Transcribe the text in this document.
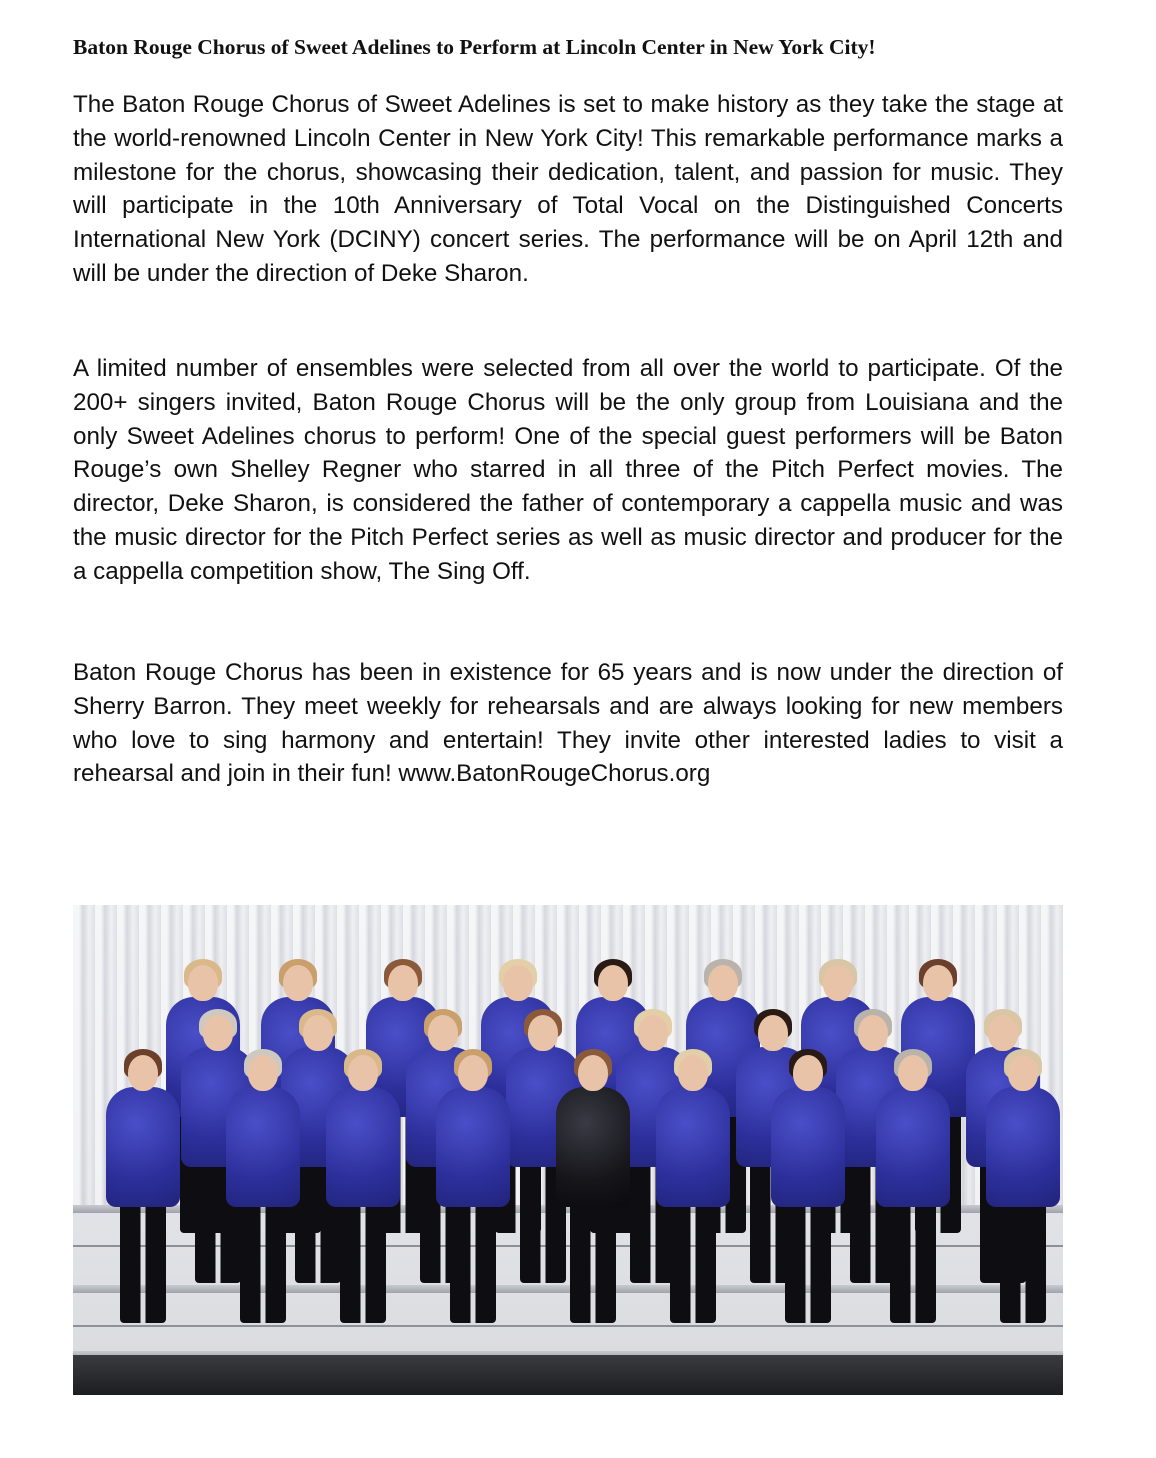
Baton Rouge Chorus of Sweet Adelines to Perform at Lincoln Center in New York City!

The Baton Rouge Chorus of Sweet Adelines is set to make history as they take the stage at the world-renowned Lincoln Center in New York City! This remarkable performance marks a milestone for the chorus, showcasing their dedication, talent, and passion for music. They will participate in the 10th Anniversary of Total Vocal on the Distinguished Concerts International New York (DCINY) concert series. The performance will be on April 12th and will be under the direction of Deke Sharon.

A limited number of ensembles were selected from all over the world to participate. Of the 200+ singers invited, Baton Rouge Chorus will be the only group from Louisiana and the only Sweet Adelines chorus to perform! One of the special guest performers will be Baton Rouge’s own Shelley Regner who starred in all three of the Pitch Perfect movies. The director, Deke Sharon, is considered the father of contemporary a cappella music and was the music director for the Pitch Perfect series as well as music director and producer for the a cappella competition show, The Sing Off.

Baton Rouge Chorus has been in existence for 65 years and is now under the direction of Sherry Barron. They meet weekly for rehearsals and are always looking for new members who love to sing harmony and entertain! They invite other interested ladies to visit a rehearsal and join in their fun! www.BatonRougeChorus.org
